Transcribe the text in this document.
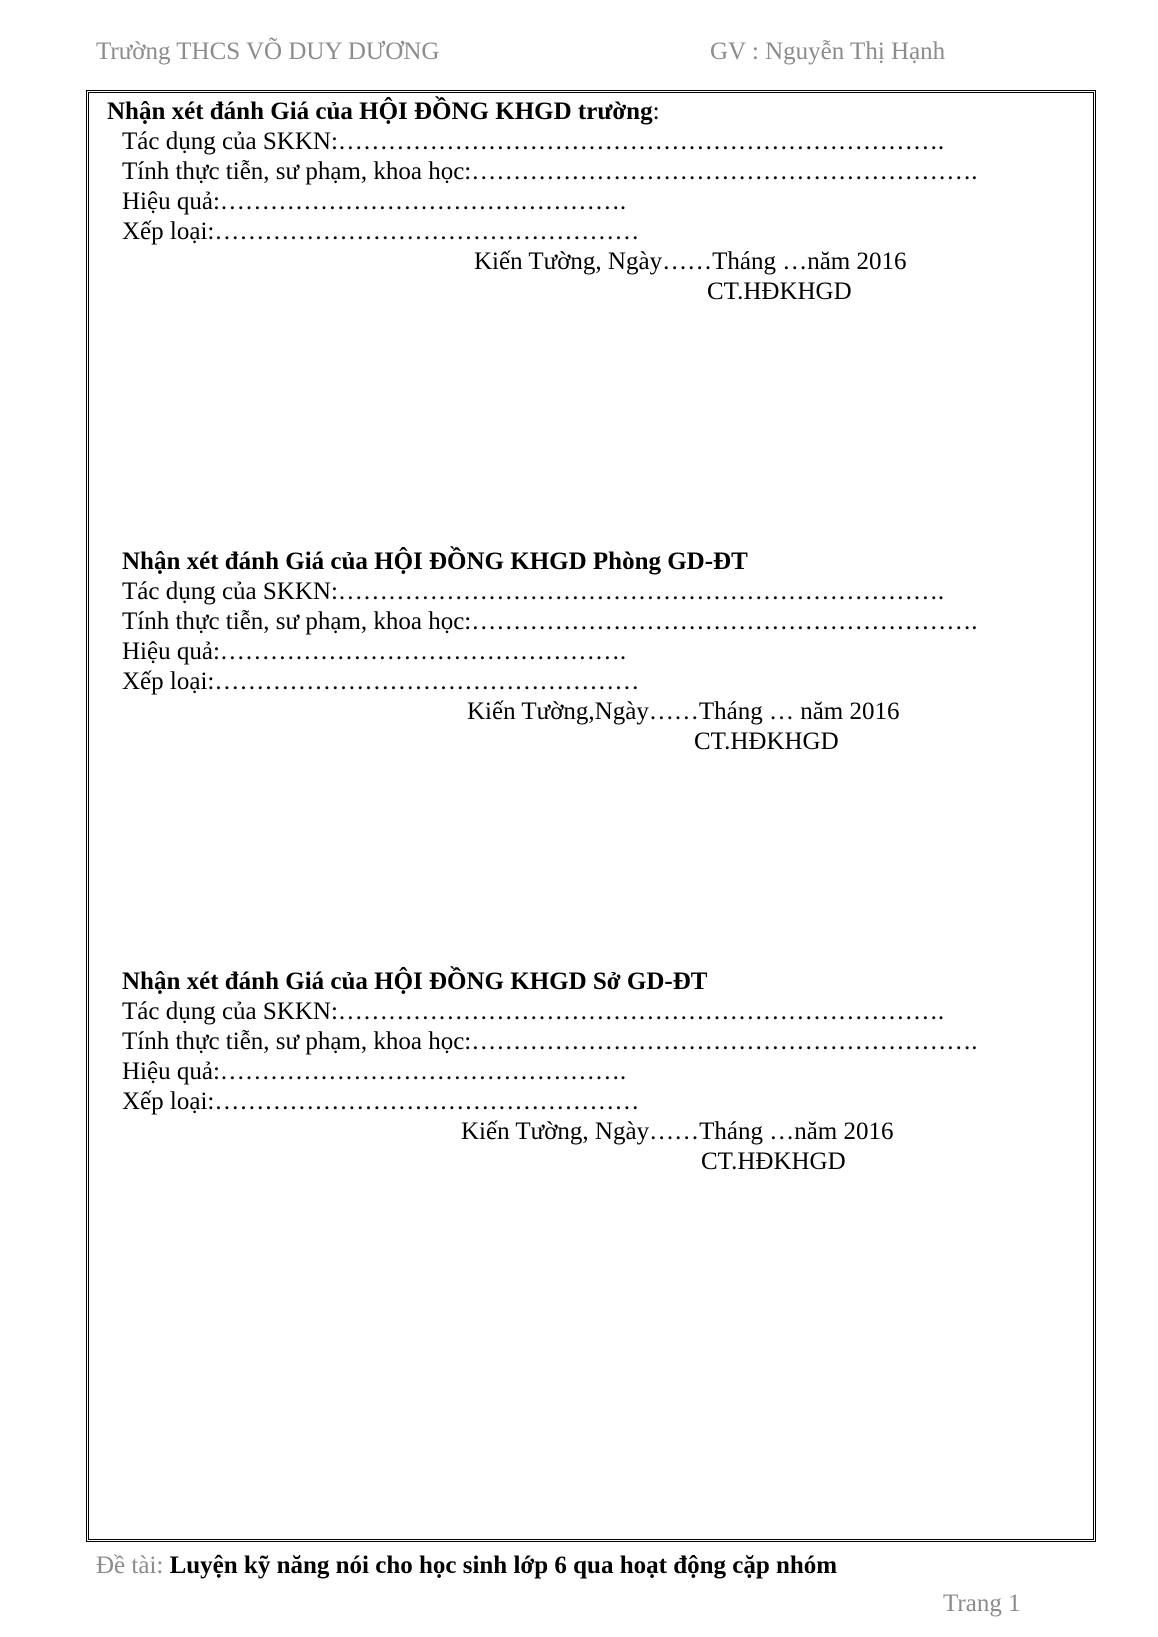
Trường THCS VÕ DUY DƯƠNG	GV : Nguyễn Thị Hạnh
Nhận xét đánh Giá của HỘI ĐỒNG KHGD trường:
Tác dụng của SKKN:……………………………………………………………….
Tính thực tiễn, sư phạm, khoa học:…………………………………………………….
Hiệu quả:………………………………………….
Xếp loại:……………………………………………
Kiến Tường, Ngày……Tháng …năm 2016
CT.HĐKHGD
Nhận xét đánh Giá của HỘI ĐỒNG KHGD Phòng GD-ĐT
Tác dụng của SKKN:……………………………………………………………….
Tính thực tiễn, sư phạm, khoa học:…………………………………………………….
Hiệu quả:………………………………………….
Xếp loại:……………………………………………
Kiến Tường,Ngày……Tháng … năm 2016
CT.HĐKHGD
Nhận xét đánh Giá của HỘI ĐỒNG KHGD Sở GD-ĐT
Tác dụng của SKKN:……………………………………………………………….
Tính thực tiễn, sư phạm, khoa học:…………………………………………………….
Hiệu quả:………………………………………….
Xếp loại:……………………………………………
Kiến Tường, Ngày……Tháng …năm 2016
CT.HĐKHGD
Đề tài: Luyện kỹ năng nói cho học sinh lớp 6 qua hoạt động cặp nhóm
Trang 1
